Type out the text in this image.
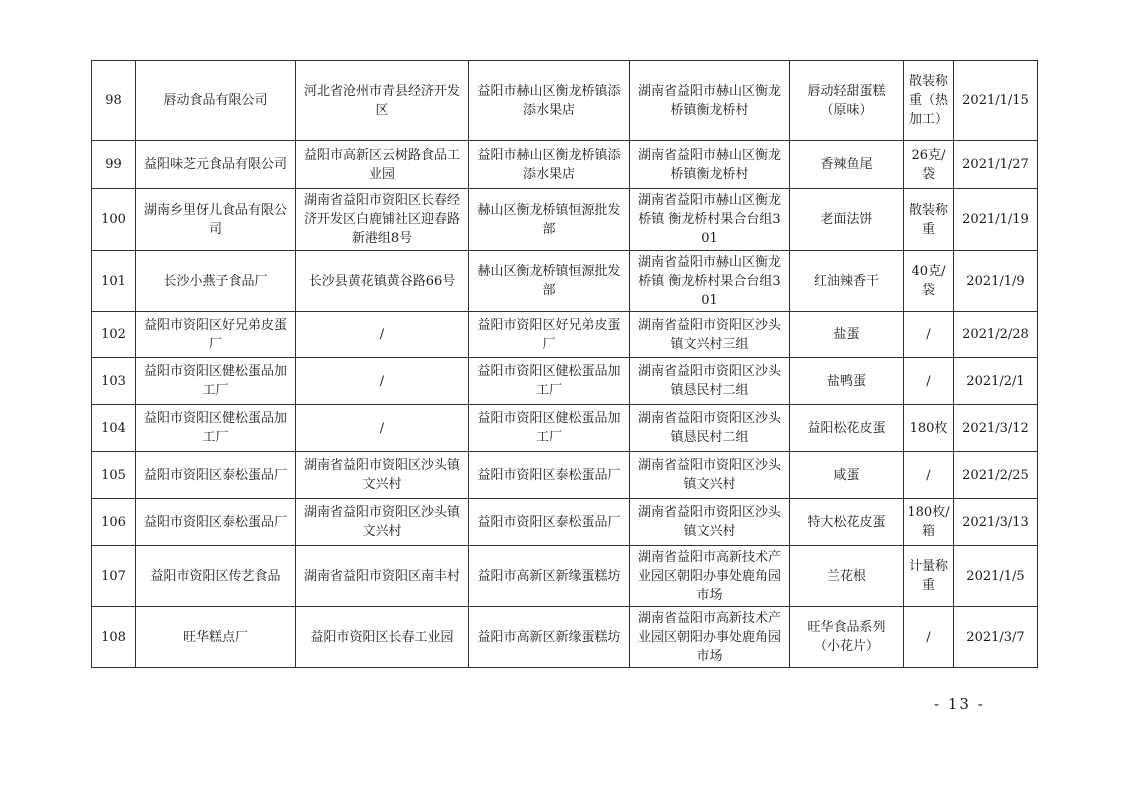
98	唇动食品有限公司	河北省沧州市青县经济开发区	益阳市赫山区衡龙桥镇添添水果店	湖南省益阳市赫山区衡龙桥镇衡龙桥村	唇动轻甜蛋糕（原味）	散装称重（热加工）	2021/1/15
99	益阳味芝元食品有限公司	益阳市高新区云树路食品工业园	益阳市赫山区衡龙桥镇添添水果店	湖南省益阳市赫山区衡龙桥镇衡龙桥村	香辣鱼尾	26克/袋	2021/1/27
100	湖南乡里伢儿食品有限公司	湖南省益阳市资阳区长春经济开发区白鹿铺社区迎春路新港组8号	赫山区衡龙桥镇恒源批发部	湖南省益阳市赫山区衡龙桥镇 衡龙桥村果合台组301	老面法饼	散装称重	2021/1/19
101	长沙小燕子食品厂	长沙县黄花镇黄谷路66号	赫山区衡龙桥镇恒源批发部	湖南省益阳市赫山区衡龙桥镇 衡龙桥村果合台组301	红油辣香干	40克/袋	2021/1/9
102	益阳市资阳区好兄弟皮蛋厂	/	益阳市资阳区好兄弟皮蛋厂	湖南省益阳市资阳区沙头镇文兴村三组	盐蛋	/	2021/2/28
103	益阳市资阳区健松蛋品加工厂	/	益阳市资阳区健松蛋品加工厂	湖南省益阳市资阳区沙头镇恳民村二组	盐鸭蛋	/	2021/2/1
104	益阳市资阳区健松蛋品加工厂	/	益阳市资阳区健松蛋品加工厂	湖南省益阳市资阳区沙头镇恳民村二组	益阳松花皮蛋	180枚	2021/3/12
105	益阳市资阳区泰松蛋品厂	湖南省益阳市资阳区沙头镇文兴村	益阳市资阳区泰松蛋品厂	湖南省益阳市资阳区沙头镇文兴村	咸蛋	/	2021/2/25
106	益阳市资阳区泰松蛋品厂	湖南省益阳市资阳区沙头镇文兴村	益阳市资阳区泰松蛋品厂	湖南省益阳市资阳区沙头镇文兴村	特大松花皮蛋	180枚/箱	2021/3/13
107	益阳市资阳区传艺食品	湖南省益阳市资阳区南丰村	益阳市高新区新缘蛋糕坊	湖南省益阳市高新技术产业园区朝阳办事处鹿角园市场	兰花根	计量称重	2021/1/5
108	旺华糕点厂	益阳市资阳区长春工业园	益阳市高新区新缘蛋糕坊	湖南省益阳市高新技术产业园区朝阳办事处鹿角园市场	旺华食品系列（小花片）	/	2021/3/7
- 13 -
